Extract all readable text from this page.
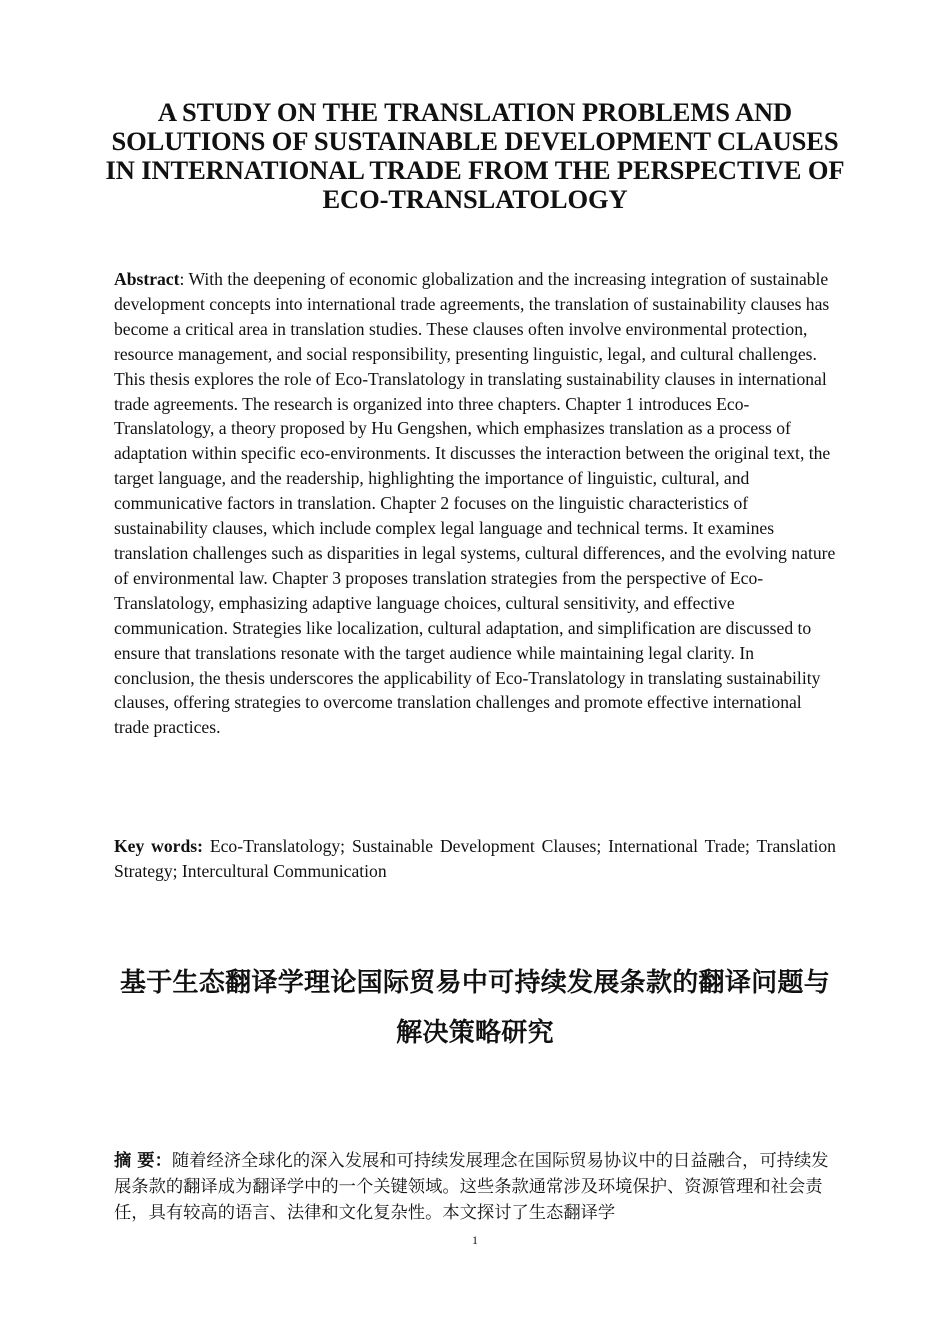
A STUDY ON THE TRANSLATION PROBLEMS AND SOLUTIONS OF SUSTAINABLE DEVELOPMENT CLAUSES IN INTERNATIONAL TRADE FROM THE PERSPECTIVE OF ECO-TRANSLATOLOGY

Abstract: With the deepening of economic globalization and the increasing integration of sustainable development concepts into international trade agreements, the translation of sustainability clauses has become a critical area in translation studies. These clauses often involve environmental protection, resource management, and social responsibility, presenting linguistic, legal, and cultural challenges. This thesis explores the role of Eco-Translatology in translating sustainability clauses in international trade agreements. The research is organized into three chapters. Chapter 1 introduces Eco-Translatology, a theory proposed by Hu Gengshen, which emphasizes translation as a process of adaptation within specific eco-environments. It discusses the interaction between the original text, the target language, and the readership, highlighting the importance of linguistic, cultural, and communicative factors in translation. Chapter 2 focuses on the linguistic characteristics of sustainability clauses, which include complex legal language and technical terms. It examines translation challenges such as disparities in legal systems, cultural differences, and the evolving nature of environmental law. Chapter 3 proposes translation strategies from the perspective of Eco-Translatology, emphasizing adaptive language choices, cultural sensitivity, and effective communication. Strategies like localization, cultural adaptation, and simplification are discussed to ensure that translations resonate with the target audience while maintaining legal clarity. In conclusion, the thesis underscores the applicability of Eco-Translatology in translating sustainability clauses, offering strategies to overcome translation challenges and promote effective international trade practices.

Key words: Eco-Translatology; Sustainable Development Clauses; International Trade; Translation Strategy; Intercultural Communication

基于生态翻译学理论国际贸易中可持续发展条款的翻译问题与解决策略研究

摘 要：随着经济全球化的深入发展和可持续发展理念在国际贸易协议中的日益融合，可持续发展条款的翻译成为翻译学中的一个关键领域。这些条款通常涉及环境保护、资源管理和社会责任，具有较高的语言、法律和文化复杂性。本文探讨了生态翻译学

1
